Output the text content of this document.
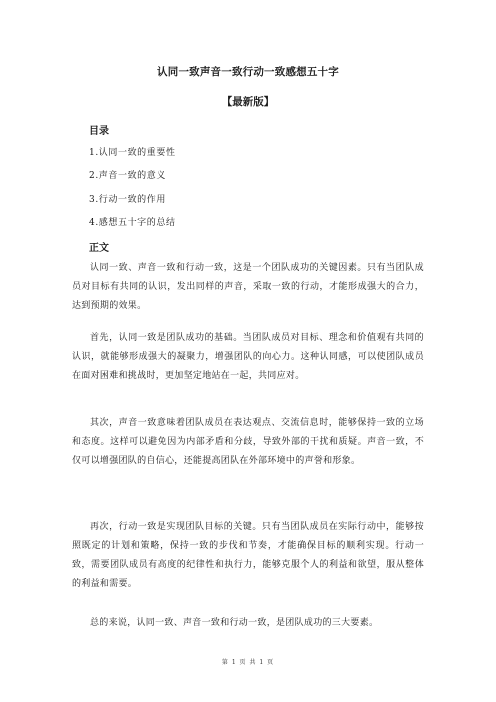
认同一致声音一致行动一致感想五十字
【最新版】
目录
1.认同一致的重要性
2.声音一致的意义
3.行动一致的作用
4.感想五十字的总结
正文
认同一致、声音一致和行动一致，这是一个团队成功的关键因素。只有当团队成员对目标有共同的认识，发出同样的声音，采取一致的行动，才能形成强大的合力，达到预期的效果。
首先，认同一致是团队成功的基础。当团队成员对目标、理念和价值观有共同的认识，就能够形成强大的凝聚力，增强团队的向心力。这种认同感，可以使团队成员在面对困难和挑战时，更加坚定地站在一起，共同应对。
其次，声音一致意味着团队成员在表达观点、交流信息时，能够保持一致的立场和态度。这样可以避免因为内部矛盾和分歧，导致外部的干扰和质疑。声音一致，不仅可以增强团队的自信心，还能提高团队在外部环境中的声誉和形象。
再次，行动一致是实现团队目标的关键。只有当团队成员在实际行动中，能够按照既定的计划和策略，保持一致的步伐和节奏，才能确保目标的顺利实现。行动一致，需要团队成员有高度的纪律性和执行力，能够克服个人的利益和欲望，服从整体的利益和需要。
总的来说，认同一致、声音一致和行动一致，是团队成功的三大要素。
第 1 页 共 1 页
